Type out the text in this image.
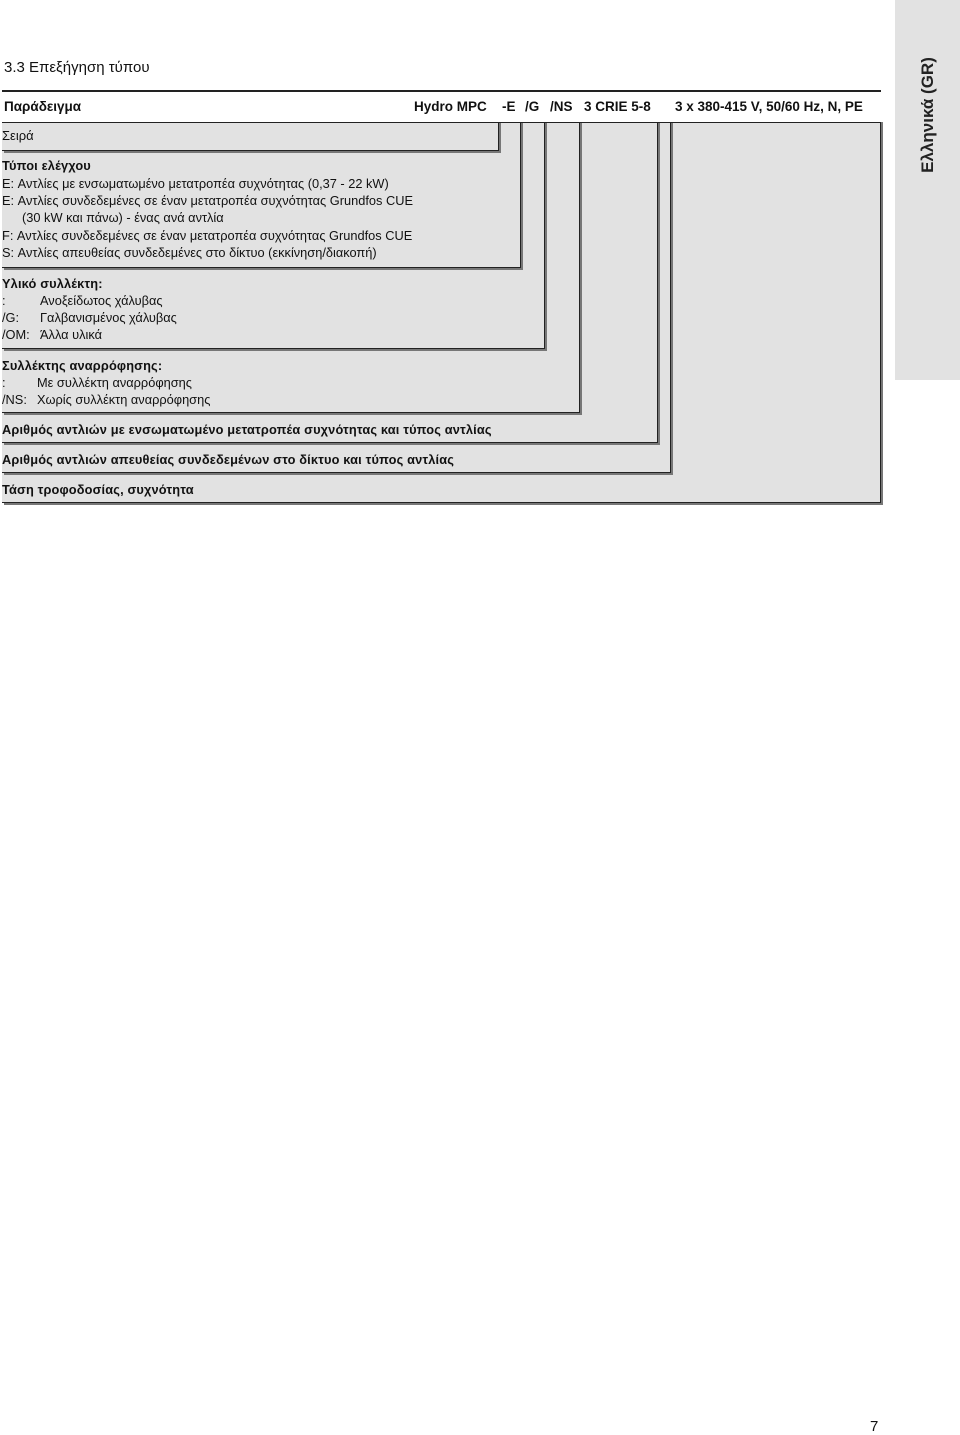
Ελληνικά (GR)
3.3 Επεξήγηση τύπου
Παράδειγμα	Hydro MPC -E /G /NS 3 CRIE 5-8 3 x 380-415 V, 50/60 Hz, N, PE
Σειρά
Τύποι ελέγχου
E: Αντλίες με ενσωματωμένο μετατροπέα συχνότητας (0,37 - 22 kW)
E: Αντλίες συνδεδεμένες σε έναν μετατροπέα συχνότητας Grundfos CUE
(30 kW και πάνω) - ένας ανά αντλία
F: Αντλίες συνδεδεμένες σε έναν μετατροπέα συχνότητας Grundfos CUE
S: Αντλίες απευθείας συνδεδεμένες στο δίκτυο (εκκίνηση/διακοπή)
Υλικό συλλέκτη:
:	Ανοξείδωτος χάλυβας
/G: Γαλβανισμένος χάλυβας
/OM: Άλλα υλικά
Συλλέκτης αναρρόφησης:
: Με συλλέκτη αναρρόφησης
/NS: Χωρίς συλλέκτη αναρρόφησης
Αριθμός αντλιών με ενσωματωμένο μετατροπέα συχνότητας και τύπος αντλίας
Αριθμός αντλιών απευθείας συνδεδεμένων στο δίκτυο και τύπος αντλίας
Τάση τροφοδοσίας, συχνότητα
7
